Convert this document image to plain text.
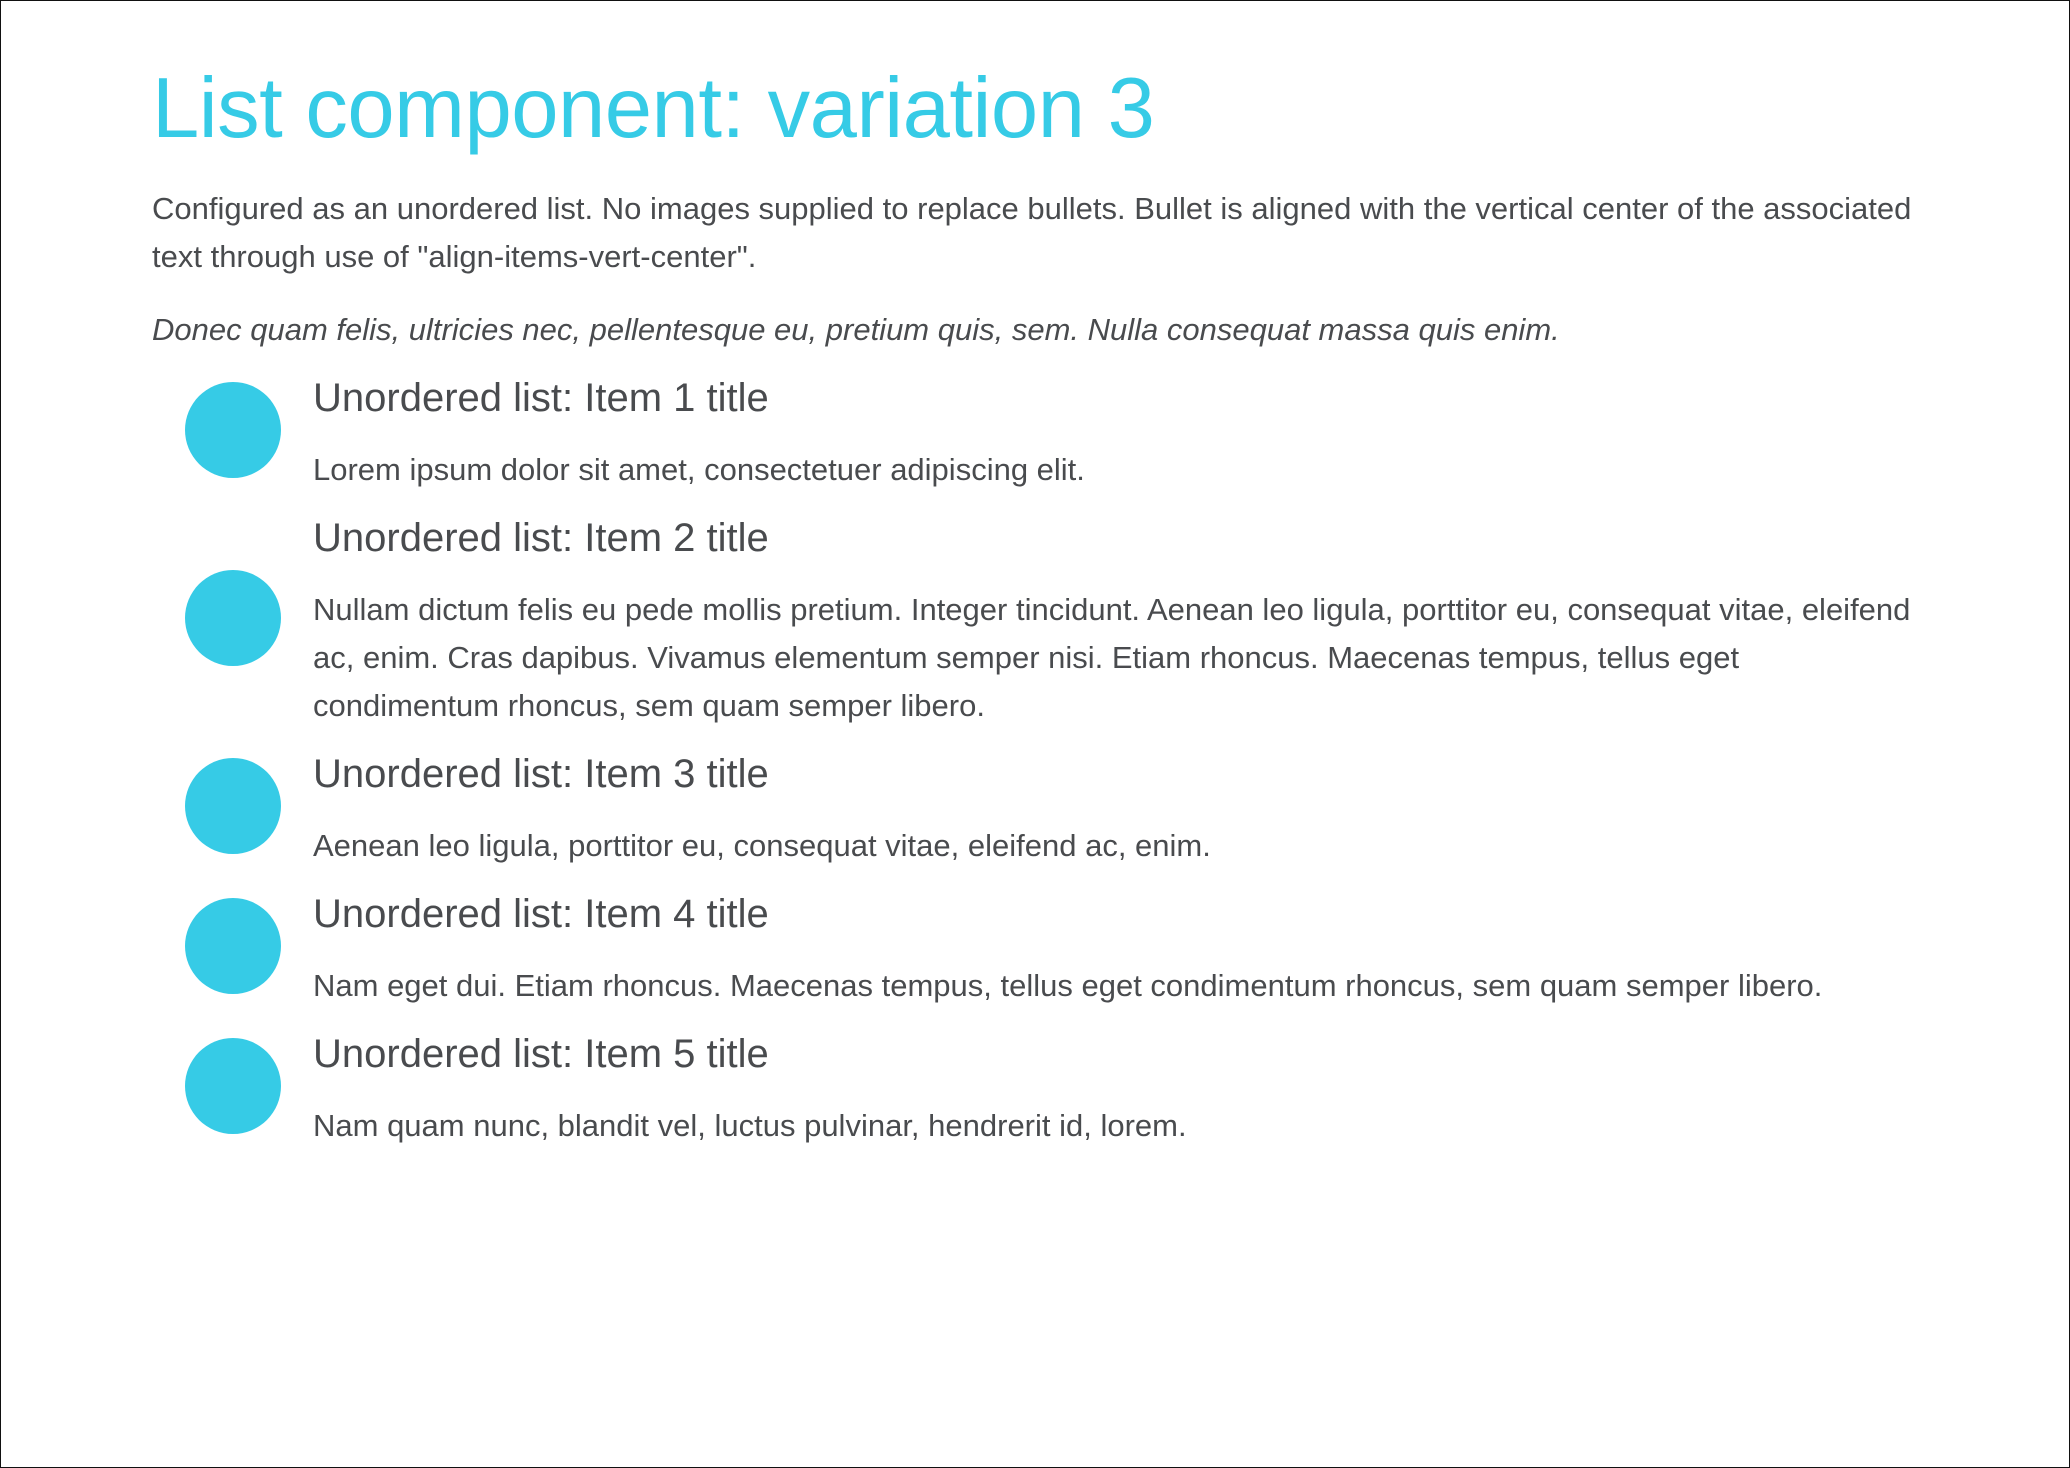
List component: variation 3

Configured as an unordered list. No images supplied to replace bullets. Bullet is aligned with the vertical center of the associated text through use of "align-items-vert-center".

Donec quam felis, ultricies nec, pellentesque eu, pretium quis, sem. Nulla consequat massa quis enim.

Unordered list: Item 1 title

Lorem ipsum dolor sit amet, consectetuer adipiscing elit.

Unordered list: Item 2 title

Nullam dictum felis eu pede mollis pretium. Integer tincidunt. Aenean leo ligula, porttitor eu, consequat vitae, eleifend ac, enim. Cras dapibus. Vivamus elementum semper nisi. Etiam rhoncus. Maecenas tempus, tellus eget condimentum rhoncus, sem quam semper libero.

Unordered list: Item 3 title

Aenean leo ligula, porttitor eu, consequat vitae, eleifend ac, enim.

Unordered list: Item 4 title

Nam eget dui. Etiam rhoncus. Maecenas tempus, tellus eget condimentum rhoncus, sem quam semper libero.

Unordered list: Item 5 title

Nam quam nunc, blandit vel, luctus pulvinar, hendrerit id, lorem.
